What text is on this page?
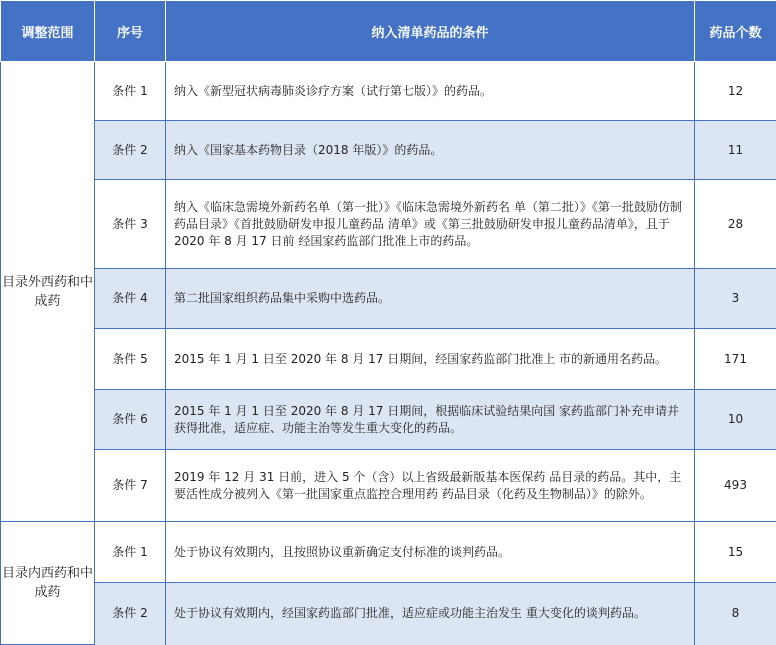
调整范围	序号	纳入清单药品的条件	药品个数
目录外西药和中成药	条件 1	纳入《新型冠状病毒肺炎诊疗方案（试行第七版）》的药品。	12
	条件 2	纳入《国家基本药物目录（2018 年版）》的药品。	11
	条件 3	纳入《临床急需境外新药名单（第一批）》《临床急需境外新药名 单（第二批）》《第一批鼓励仿制药品目录》《首批鼓励研发申报儿童药品 清单》或《第三批鼓励研发申报儿童药品清单》，且于 2020 年 8 月 17 日前 经国家药监部门批准上市的药品。	28
	条件 4	第二批国家组织药品集中采购中选药品。	3
	条件 5	2015 年 1 月 1 日至 2020 年 8 月 17 日期间，经国家药监部门批准上 市的新通用名药品。	171
	条件 6	2015 年 1 月 1 日至 2020 年 8 月 17 日期间，根据临床试验结果向国 家药监部门补充申请并获得批准，适应症、功能主治等发生重大变化的药品。	10
	条件 7	2019 年 12 月 31 日前，进入 5 个（含）以上省级最新版基本医保药 品目录的药品。其中，主要活性成分被列入《第一批国家重点监控合理用药 药品目录（化药及生物制品）》的除外。	493
目录内西药和中成药	条件 1	处于协议有效期内，且按照协议重新确定支付标准的谈判药品。	15
	条件 2	处于协议有效期内，经国家药监部门批准，适应症或功能主治发生 重大变化的谈判药品。	8
